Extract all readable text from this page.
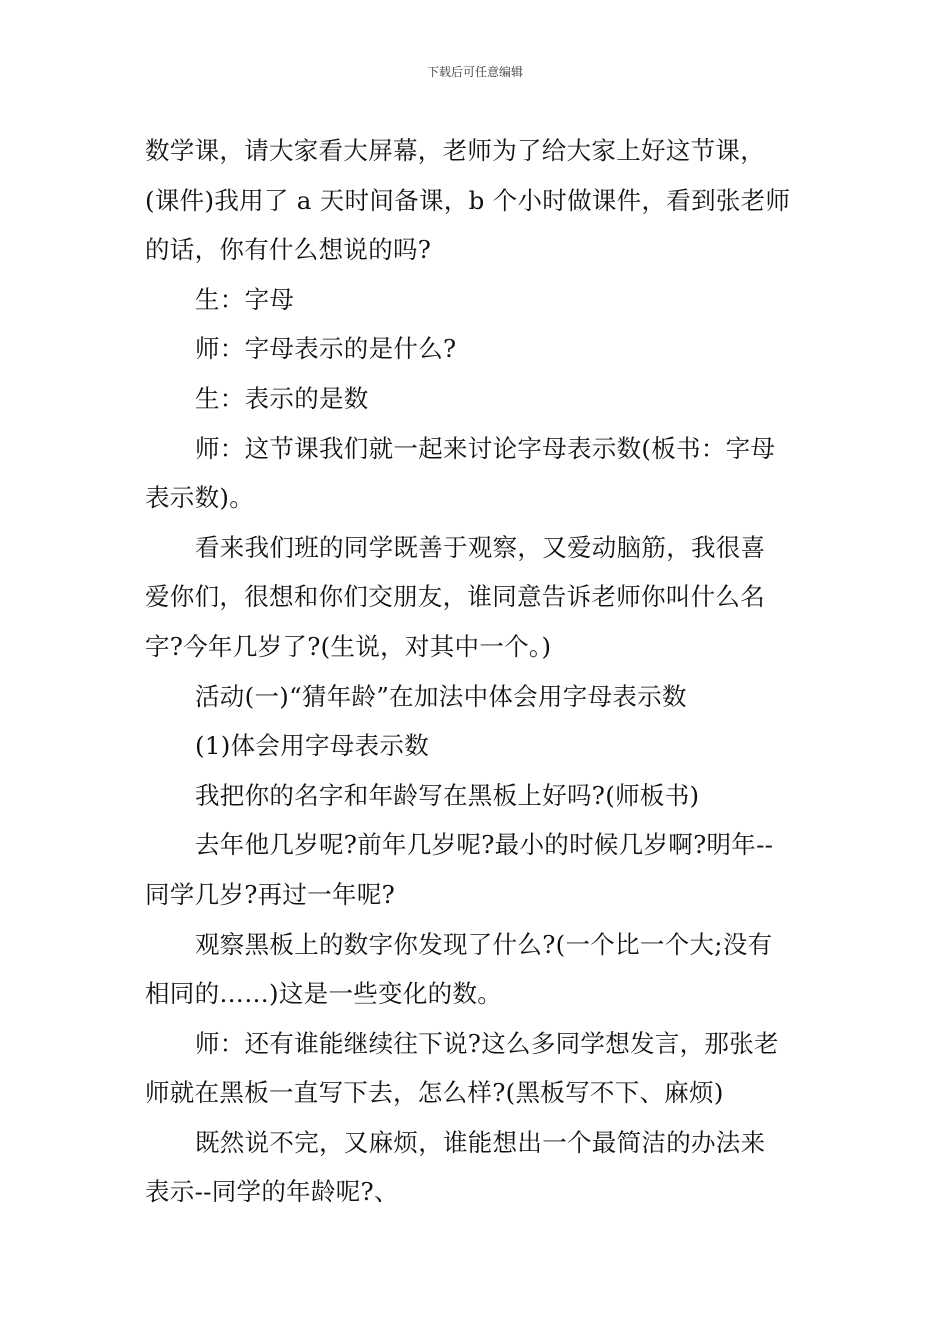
下载后可任意编辑

数学课，请大家看大屏幕，老师为了给大家上好这节课，
(课件)我用了 a 天时间备课，b 个小时做课件，看到张老师
的话，你有什么想说的吗?

生：字母

师：字母表示的是什么?

生：表示的是数

师：这节课我们就一起来讨论字母表示数(板书：字母
表示数)。

看来我们班的同学既善于观察，又爱动脑筋，我很喜
爱你们，很想和你们交朋友，谁同意告诉老师你叫什么名
字?今年几岁了?(生说，对其中一个。)

活动(一)“猜年龄”在加法中体会用字母表示数

(1)体会用字母表示数

我把你的名字和年龄写在黑板上好吗?(师板书)

去年他几岁呢?前年几岁呢?最小的时候几岁啊?明年--
同学几岁?再过一年呢?

观察黑板上的数字你发现了什么?(一个比一个大;没有
相同的……)这是一些变化的数。

师：还有谁能继续往下说?这么多同学想发言，那张老
师就在黑板一直写下去，怎么样?(黑板写不下、麻烦)

既然说不完，又麻烦，谁能想出一个最简洁的办法来
表示--同学的年龄呢?、
